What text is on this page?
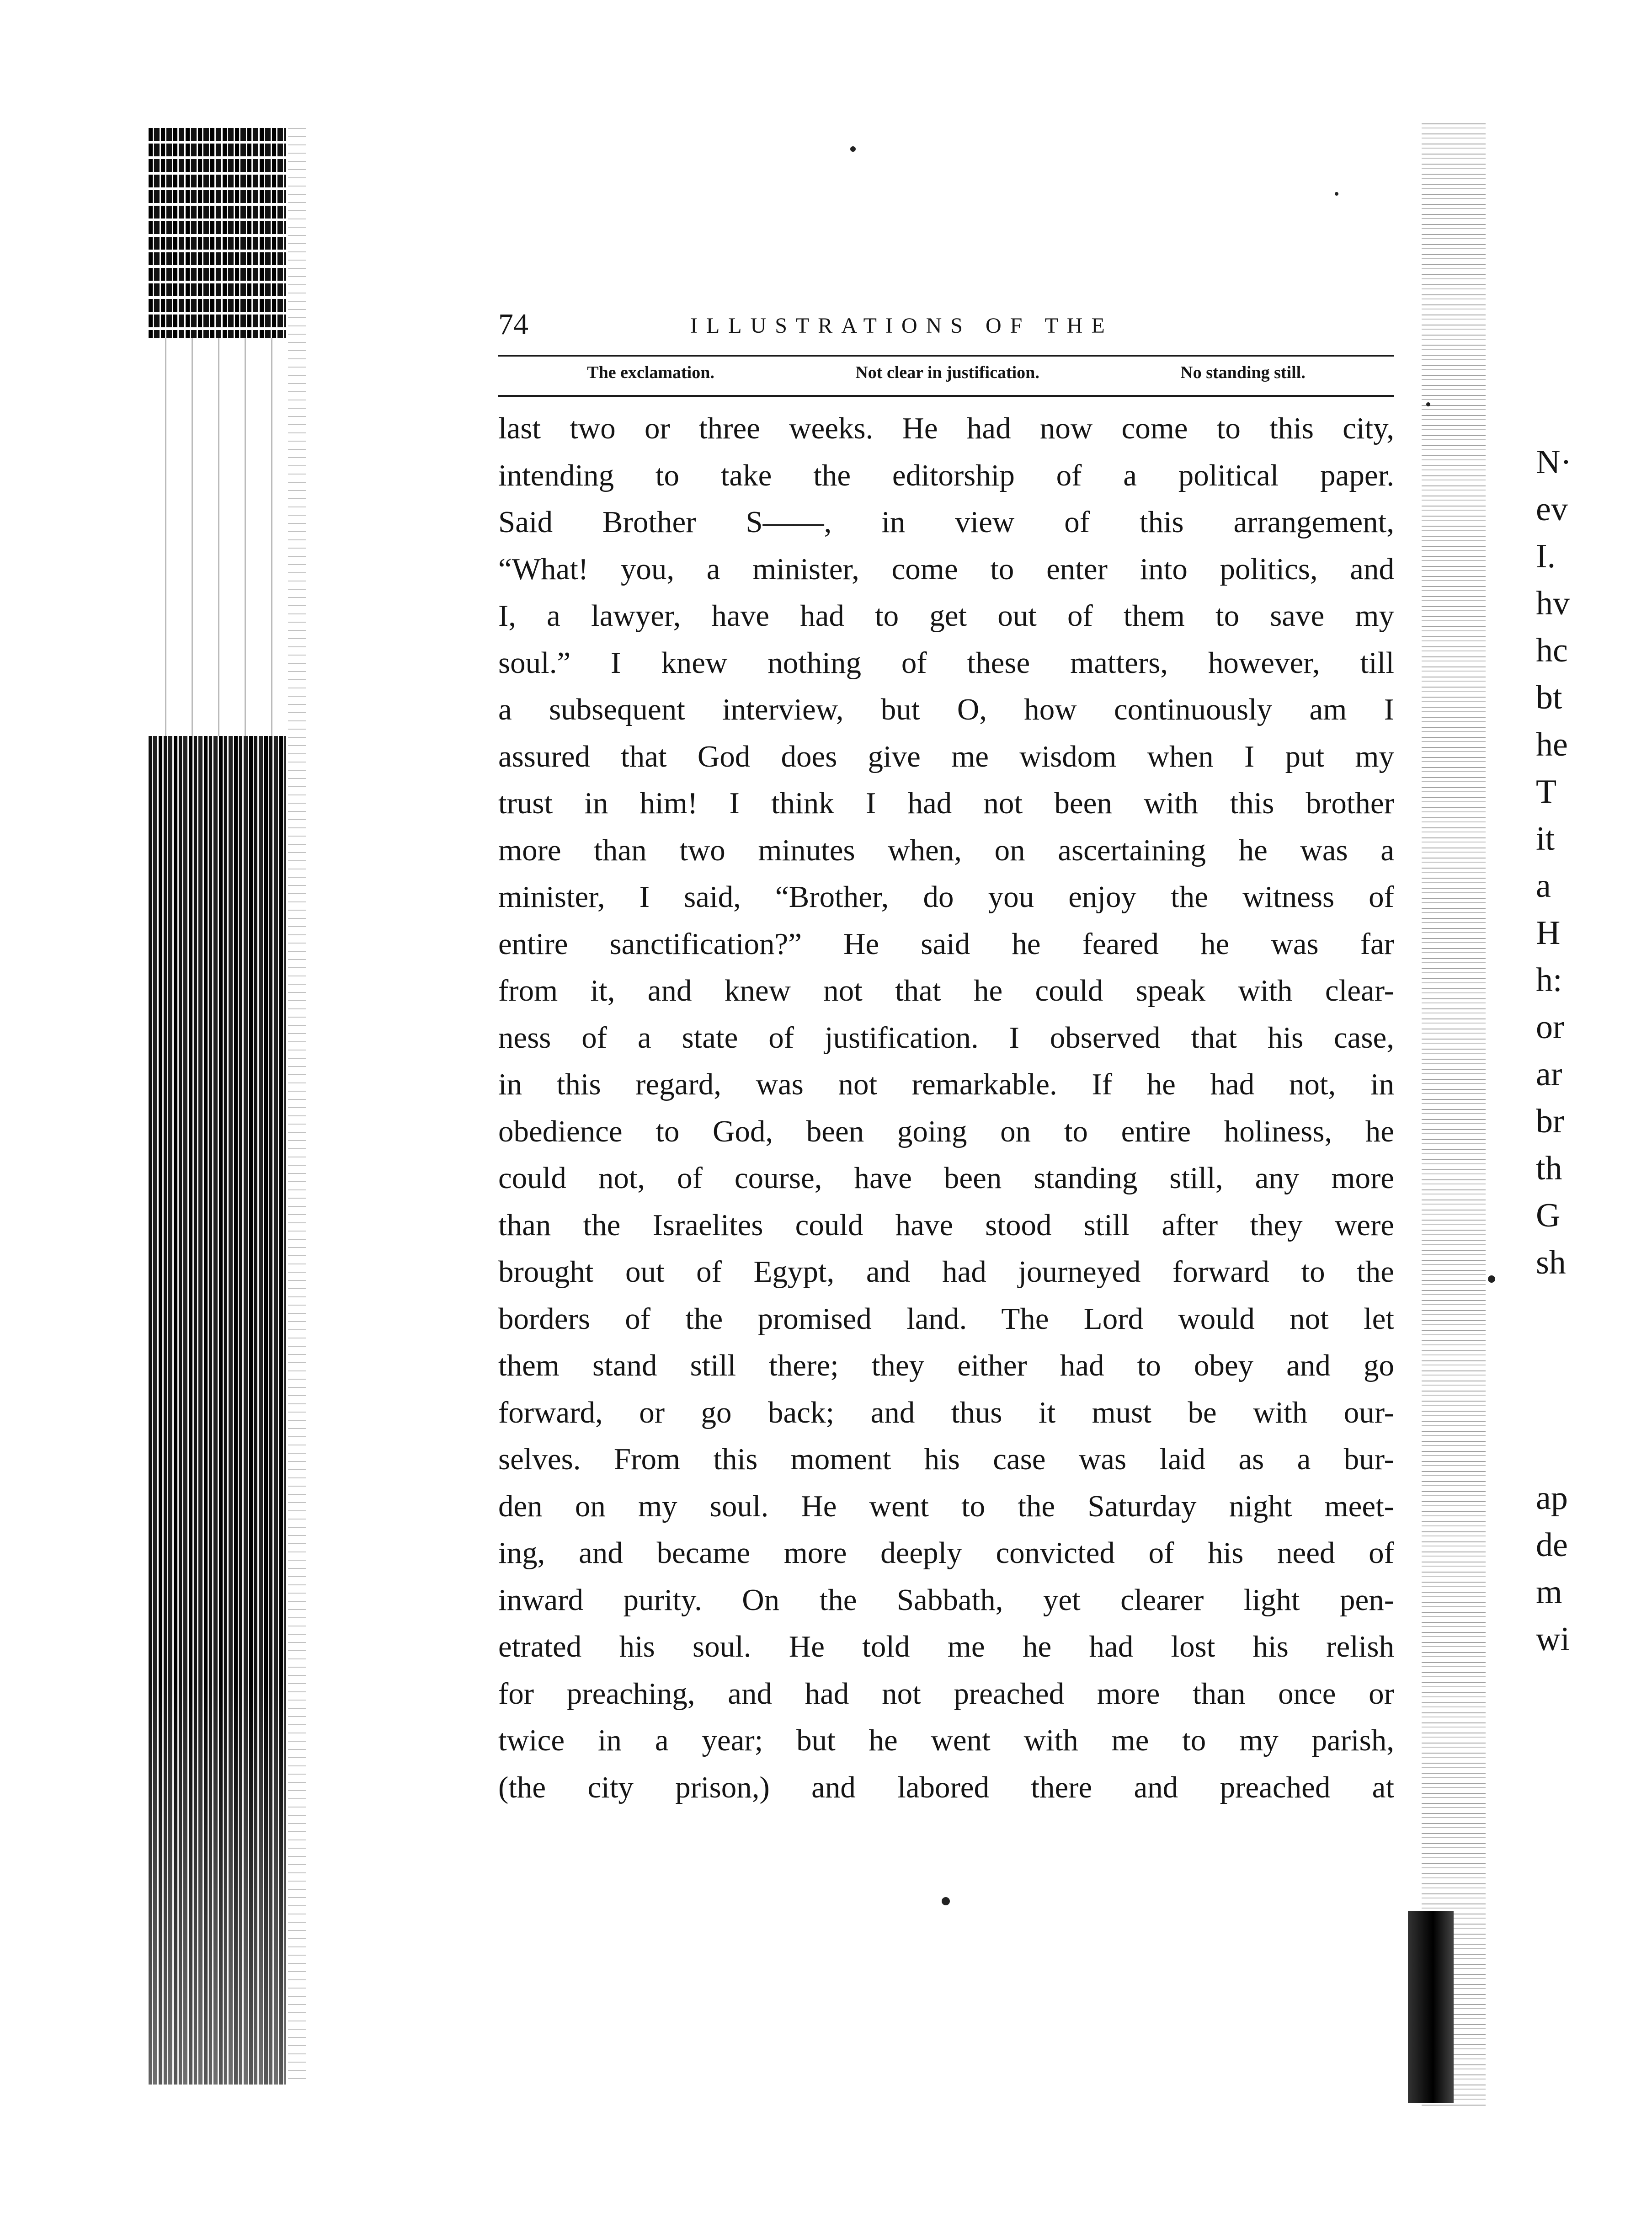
N·
ev
I.
hv
hc
bt
he
T
it
a
H
h:
or
ar
br
th
G
sh
ap
de
m
wi
74	ILLUSTRATIONS OF THE
The exclamation.	Not clear in justification.	No standing still.
last two or three weeks. He had now come to this city,
intending to take the editorship of a political paper.
Said Brother S——, in view of this arrangement,
“What! you, a minister, come to enter into politics, and
I, a lawyer, have had to get out of them to save my
soul.” I knew nothing of these matters, however, till
a subsequent interview, but O, how continuously am I
assured that God does give me wisdom when I put my
trust in him! I think I had not been with this brother
more than two minutes when, on ascertaining he was a
minister, I said, “Brother, do you enjoy the witness of
entire sanctification?” He said he feared he was far
from it, and knew not that he could speak with clear-
ness of a state of justification. I observed that his case,
in this regard, was not remarkable. If he had not, in
obedience to God, been going on to entire holiness, he
could not, of course, have been standing still, any more
than the Israelites could have stood still after they were
brought out of Egypt, and had journeyed forward to the
borders of the promised land. The Lord would not let
them stand still there; they either had to obey and go
forward, or go back; and thus it must be with our-
selves. From this moment his case was laid as a bur-
den on my soul. He went to the Saturday night meet-
ing, and became more deeply convicted of his need of
inward purity. On the Sabbath, yet clearer light pen-
etrated his soul. He told me he had lost his relish
for preaching, and had not preached more than once or
twice in a year; but he went with me to my parish,
(the city prison,) and labored there and preached at
